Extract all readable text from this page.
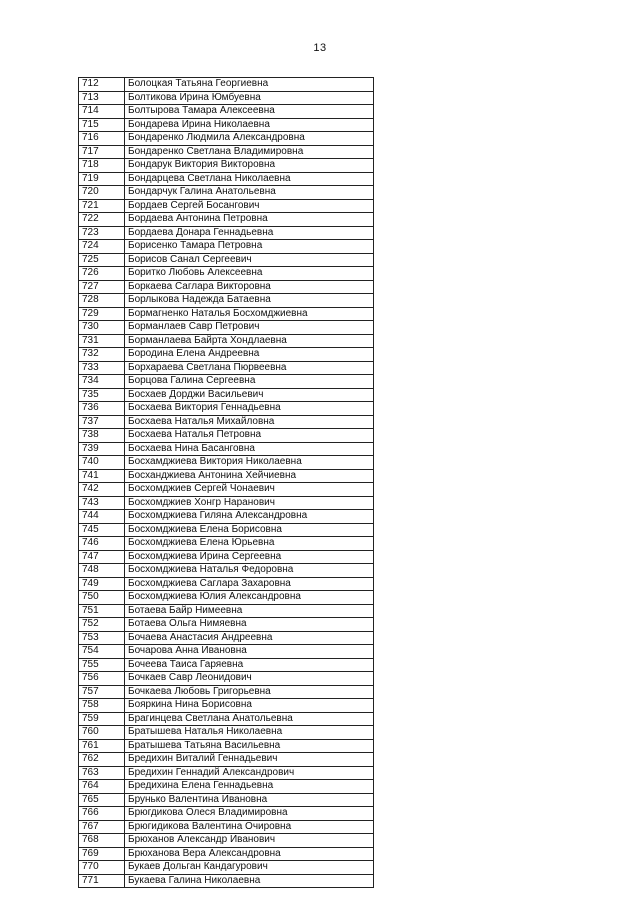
13
712	Болоцкая Татьяна Георгиевна
713	Болтикова Ирина Юмбуевна
714	Болтырова Тамара Алексеевна
715	Бондарева Ирина Николаевна
716	Бондаренко Людмила Александровна
717	Бондаренко Светлана Владимировна
718	Бондарук Виктория Викторовна
719	Бондарцева Светлана Николаевна
720	Бондарчук Галина Анатольевна
721	Бордаев Сергей Босангович
722	Бордаева Антонина Петровна
723	Бордаева Донара Геннадьевна
724	Борисенко Тамара Петровна
725	Борисов Санал Сергеевич
726	Боритко Любовь Алексеевна
727	Боркаева Саглара Викторовна
728	Борлыкова Надежда Батаевна
729	Бормагненко Наталья Босхомджиевна
730	Борманлаев Савр Петрович
731	Борманлаева Байрта Хондлаевна
732	Бородина Елена Андреевна
733	Борхараева Светлана Пюрвеевна
734	Борцова Галина Сергеевна
735	Босхаев Дорджи Васильевич
736	Босхаева Виктория Геннадьевна
737	Босхаева Наталья Михайловна
738	Босхаева Наталья Петровна
739	Босхаева Нина Басанговна
740	Босхамджиева Виктория Николаевна
741	Босханджиева Антонина Хейчиевна
742	Босхомджиев Сергей Чонаевич
743	Босхомджиев Хонгр Наранович
744	Босхомджиева Гиляна Александровна
745	Босхомджиева Елена Борисовна
746	Босхомджиева Елена Юрьевна
747	Босхомджиева Ирина Сергеевна
748	Босхомджиева Наталья Федоровна
749	Босхомджиева Саглара Захаровна
750	Босхомджиева Юлия Александровна
751	Ботаева Байр Нимеевна
752	Ботаева Ольга Нимяевна
753	Бочаева Анастасия Андреевна
754	Бочарова Анна Ивановна
755	Бочеева Таиса Гаряевна
756	Бочкаев Савр Леонидович
757	Бочкаева Любовь Григорьевна
758	Бояркина Нина Борисовна
759	Брагинцева Светлана Анатольевна
760	Братышева Наталья Николаевна
761	Братышева Татьяна Васильевна
762	Бредихин Виталий Геннадьевич
763	Бредихин Геннадий Александрович
764	Бредихина Елена Геннадьевна
765	Брунько Валентина Ивановна
766	Брюгдикова Олеся Владимировна
767	Брюгидикова Валентина Очировна
768	Брюханов Александр Иванович
769	Брюханова Вера Александровна
770	Букаев Дольган Кандагурович
771	Букаева Галина Николаевна
